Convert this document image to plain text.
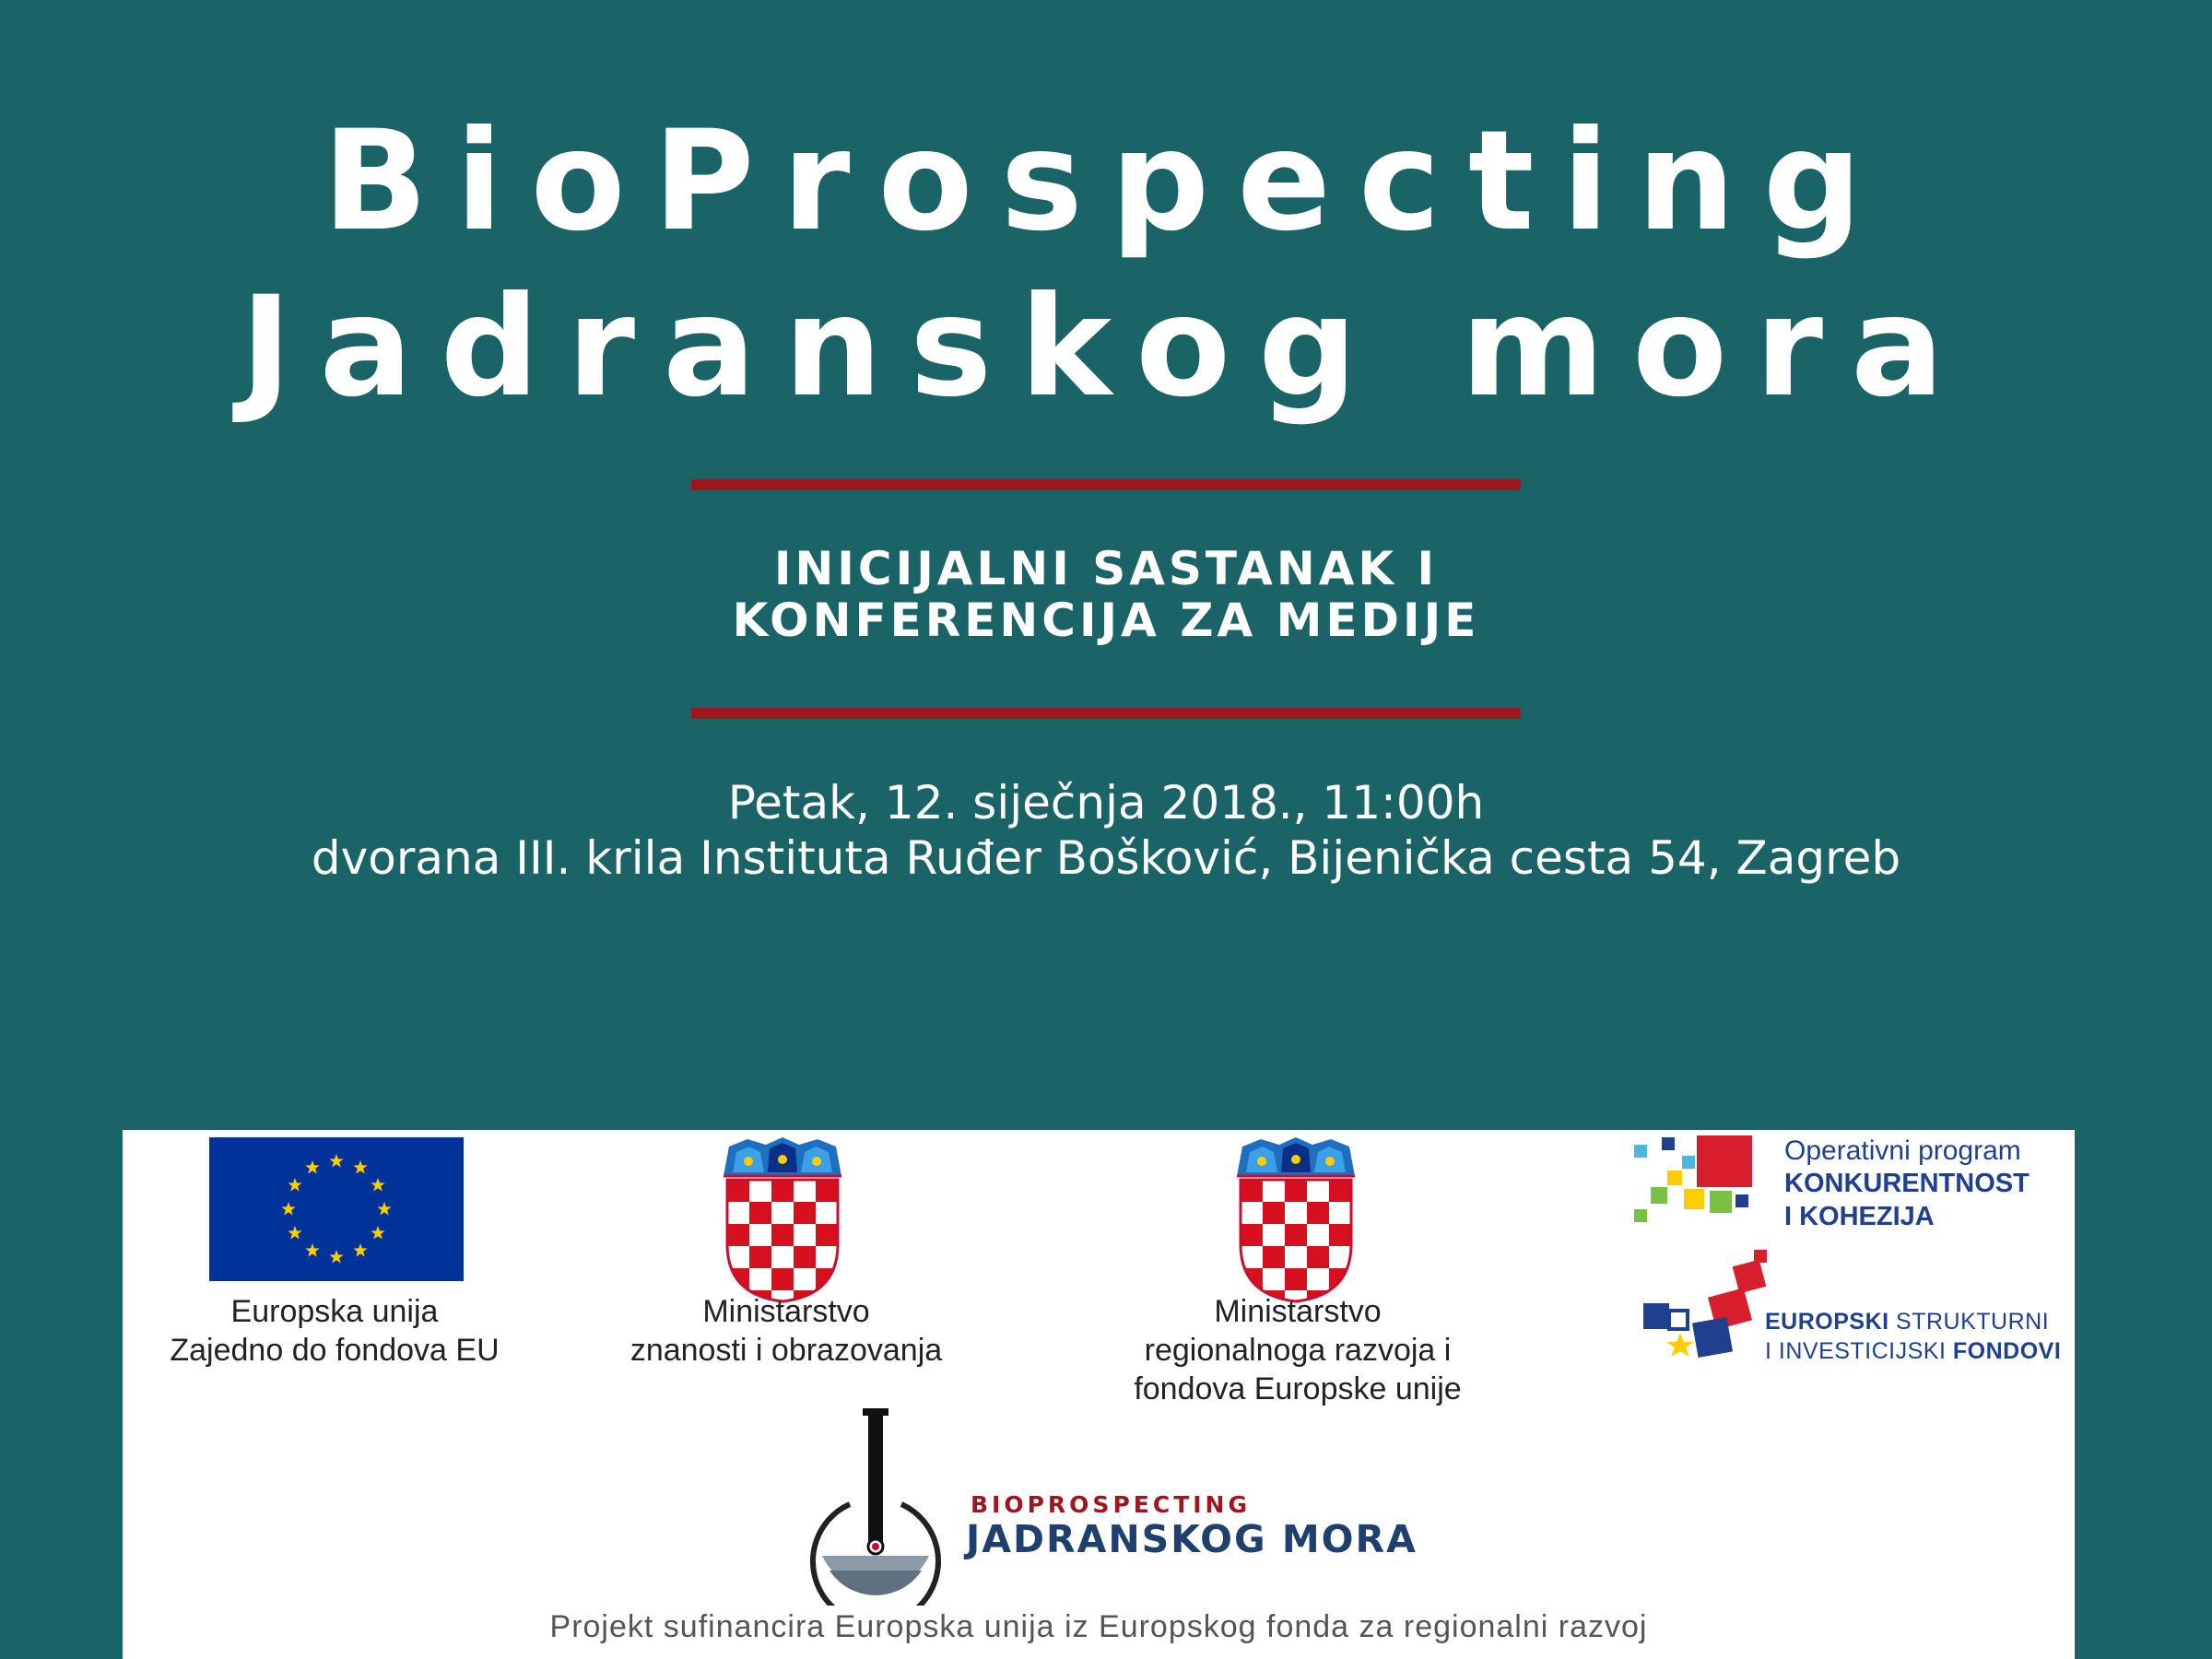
BioProspecting
Jadranskog mora
INICIJALNI SASTANAK I
KONFERENCIJA ZA MEDIJE
Petak, 12. siječnja 2018., 11:00h
dvorana III. krila Instituta Ruđer Bošković, Bijenička cesta 54, Zagreb
Europska unija
Zajedno do fondova EU
Ministarstvo
znanosti i obrazovanja
Ministarstvo
regionalnoga razvoja i
fondova Europske unije
Operativni program
KONKURENTNOST
I KOHEZIJA
EUROPSKI STRUKTURNI
I INVESTICIJSKI FONDOVI
BIOPROSPECTING
JADRANSKOG MORA
Projekt sufinancira Europska unija iz Europskog fonda za regionalni razvoj
